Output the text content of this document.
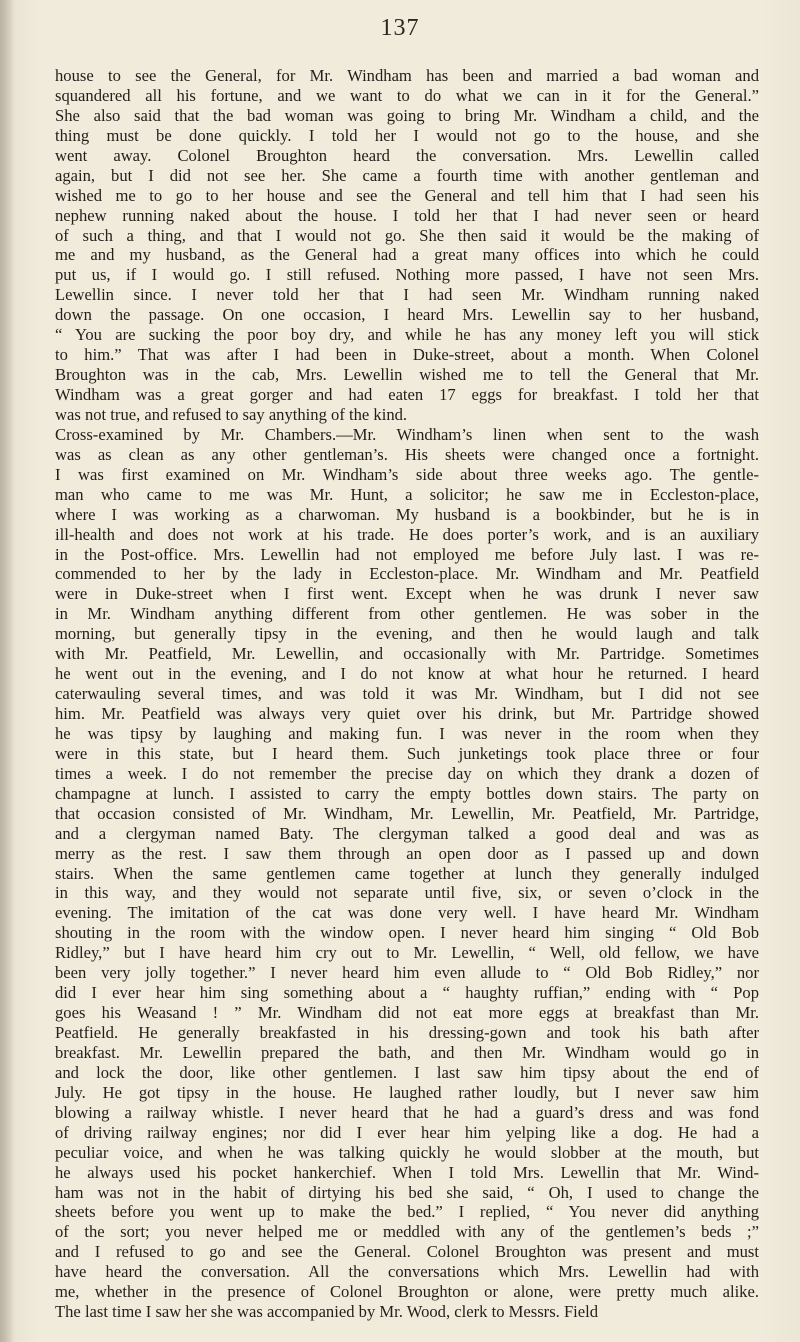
137
house to see the General, for Mr. Windham has been and married a bad woman and
squandered all his fortune, and we want to do what we can in it for the General.”
She also said that the bad woman was going to bring Mr. Windham a child, and the
thing must be done quickly. I told her I would not go to the house, and she
went away. Colonel Broughton heard the conversation. Mrs. Lewellin called
again, but I did not see her. She came a fourth time with another gentleman and
wished me to go to her house and see the General and tell him that I had seen his
nephew running naked about the house. I told her that I had never seen or heard
of such a thing, and that I would not go. She then said it would be the making of
me and my husband, as the General had a great many offices into which he could
put us, if I would go. I still refused. Nothing more passed, I have not seen Mrs.
Lewellin since. I never told her that I had seen Mr. Windham running naked
down the passage. On one occasion, I heard Mrs. Lewellin say to her husband,
“ You are sucking the poor boy dry, and while he has any money left you will stick
to him.” That was after I had been in Duke-street, about a month. When Colonel
Broughton was in the cab, Mrs. Lewellin wished me to tell the General that Mr.
Windham was a great gorger and had eaten 17 eggs for breakfast. I told her that
was not true, and refused to say anything of the kind.
Cross-examined by Mr. Chambers.—Mr. Windham’s linen when sent to the wash
was as clean as any other gentleman’s. His sheets were changed once a fortnight.
I was first examined on Mr. Windham’s side about three weeks ago. The gentle-
man who came to me was Mr. Hunt, a solicitor; he saw me in Eccleston-place,
where I was working as a charwoman. My husband is a bookbinder, but he is in
ill-health and does not work at his trade. He does porter’s work, and is an auxiliary
in the Post-office. Mrs. Lewellin had not employed me before July last. I was re-
commended to her by the lady in Eccleston-place. Mr. Windham and Mr. Peatfield
were in Duke-street when I first went. Except when he was drunk I never saw
in Mr. Windham anything different from other gentlemen. He was sober in the
morning, but generally tipsy in the evening, and then he would laugh and talk
with Mr. Peatfield, Mr. Lewellin, and occasionally with Mr. Partridge. Sometimes
he went out in the evening, and I do not know at what hour he returned. I heard
caterwauling several times, and was told it was Mr. Windham, but I did not see
him. Mr. Peatfield was always very quiet over his drink, but Mr. Partridge showed
he was tipsy by laughing and making fun. I was never in the room when they
were in this state, but I heard them. Such junketings took place three or four
times a week. I do not remember the precise day on which they drank a dozen of
champagne at lunch. I assisted to carry the empty bottles down stairs. The party on
that occasion consisted of Mr. Windham, Mr. Lewellin, Mr. Peatfield, Mr. Partridge,
and a clergyman named Baty. The clergyman talked a good deal and was as
merry as the rest. I saw them through an open door as I passed up and down
stairs. When the same gentlemen came together at lunch they generally indulged
in this way, and they would not separate until five, six, or seven o’clock in the
evening. The imitation of the cat was done very well. I have heard Mr. Windham
shouting in the room with the window open. I never heard him singing “ Old Bob
Ridley,” but I have heard him cry out to Mr. Lewellin, “ Well, old fellow, we have
been very jolly together.” I never heard him even allude to “ Old Bob Ridley,” nor
did I ever hear him sing something about a “ haughty ruffian,” ending with “ Pop
goes his Weasand ! ” Mr. Windham did not eat more eggs at breakfast than Mr.
Peatfield. He generally breakfasted in his dressing-gown and took his bath after
breakfast. Mr. Lewellin prepared the bath, and then Mr. Windham would go in
and lock the door, like other gentlemen. I last saw him tipsy about the end of
July. He got tipsy in the house. He laughed rather loudly, but I never saw him
blowing a railway whistle. I never heard that he had a guard’s dress and was fond
of driving railway engines; nor did I ever hear him yelping like a dog. He had a
peculiar voice, and when he was talking quickly he would slobber at the mouth, but
he always used his pocket hankerchief. When I told Mrs. Lewellin that Mr. Wind-
ham was not in the habit of dirtying his bed she said, “ Oh, I used to change the
sheets before you went up to make the bed.” I replied, “ You never did anything
of the sort; you never helped me or meddled with any of the gentlemen’s beds ;”
and I refused to go and see the General. Colonel Broughton was present and must
have heard the conversation. All the conversations which Mrs. Lewellin had with
me, whether in the presence of Colonel Broughton or alone, were pretty much alike.
The last time I saw her she was accompanied by Mr. Wood, clerk to Messrs. Field
